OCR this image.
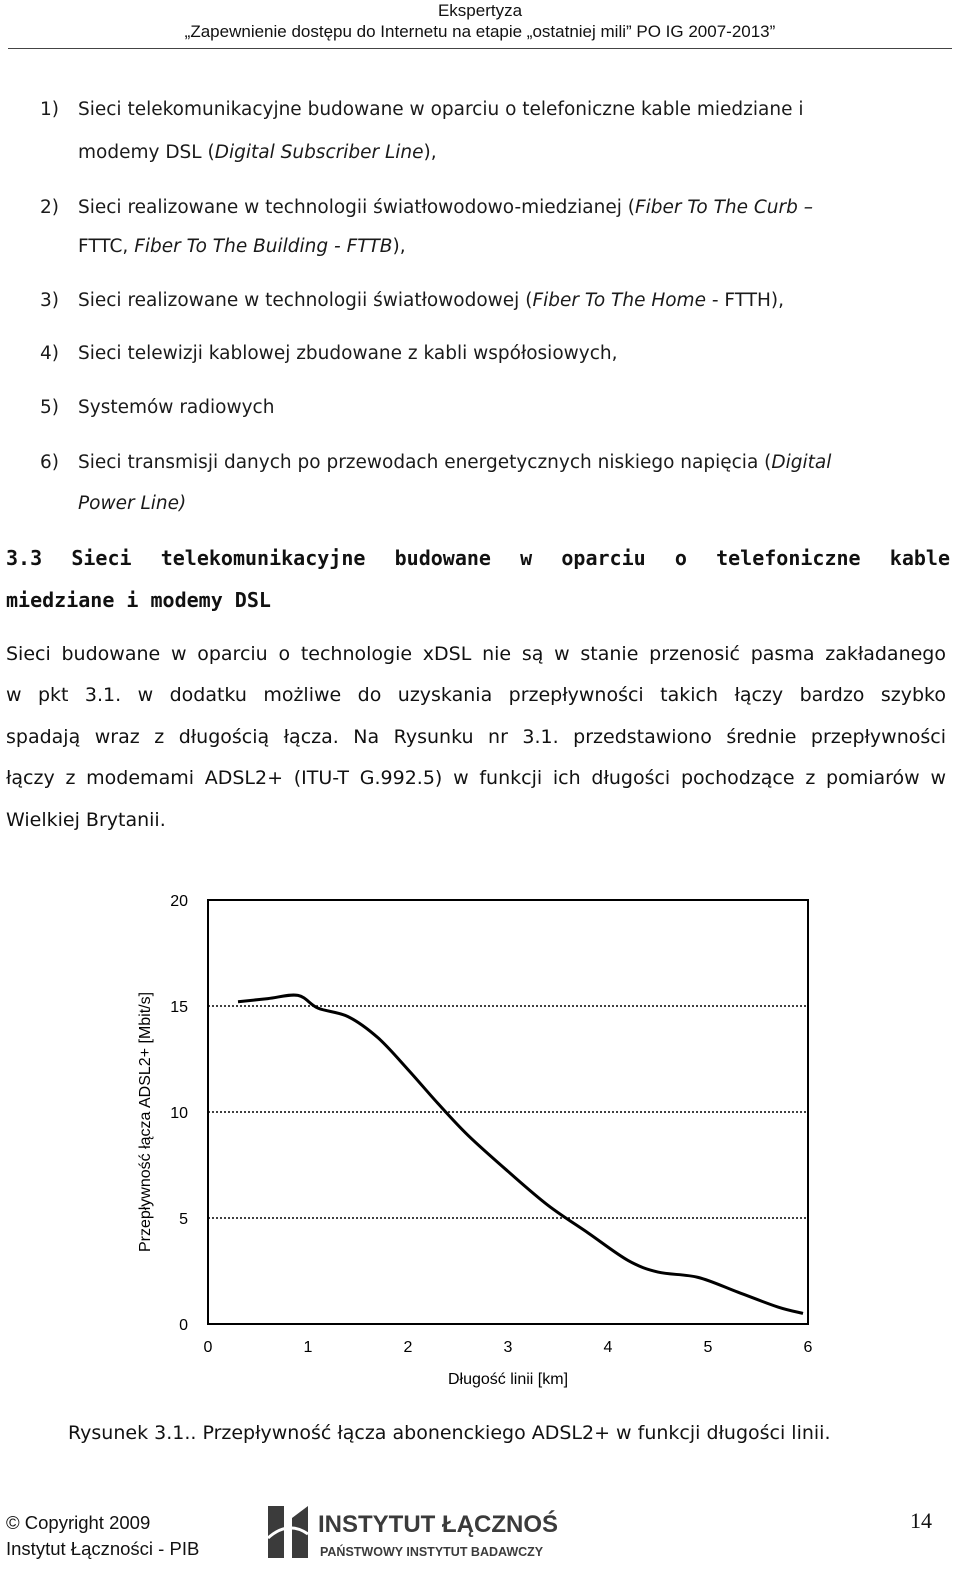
Ekspertyza
„Zapewnienie dostępu do Internetu na etapie „ostatniej mili” PO IG 2007-2013”
1) Sieci telekomunikacyjne budowane w oparciu o telefoniczne kable miedziane i
modemy DSL (Digital Subscriber Line),
2) Sieci realizowane w technologii światłowodowo-miedzianej (Fiber To The Curb –
FTTC, Fiber To The Building - FTTB),
3) Sieci realizowane w technologii światłowodowej (Fiber To The Home - FTTH),
4) Sieci telewizji kablowej zbudowane z kabli współosiowych,
5) Systemów radiowych
6) Sieci transmisji danych po przewodach energetycznych niskiego napięcia (Digital
Power Line)
3.3 Sieci telekomunikacyjne budowane w oparciu o telefoniczne kable
miedziane i modemy DSL
Sieci budowane w oparciu o technologie xDSL nie są w stanie przenosić pasma zakładanego
w pkt 3.1. w dodatku możliwe do uzyskania przepływności takich łączy bardzo szybko
spadają wraz z długością łącza. Na Rysunku nr 3.1. przedstawiono średnie przepływności
łączy z modemami ADSL2+ (ITU-T G.992.5) w funkcji ich długości pochodzące z pomiarów w
Wielkiej Brytanii.
0
5
10
15
20
0	1	2	3	4	5	6
Długość linii [km]
Przepływność łącza ADSL2+ [Mbit/s]
Rysunek 3.1.. Przepływność łącza abonenckiego ADSL2+ w funkcji długości linii.
© Copyright 2009
Instytut Łączności - PIB
INSTYTUT ŁĄCZNOŚCI
PAŃSTWOWY INSTYTUT BADAWCZY
14
